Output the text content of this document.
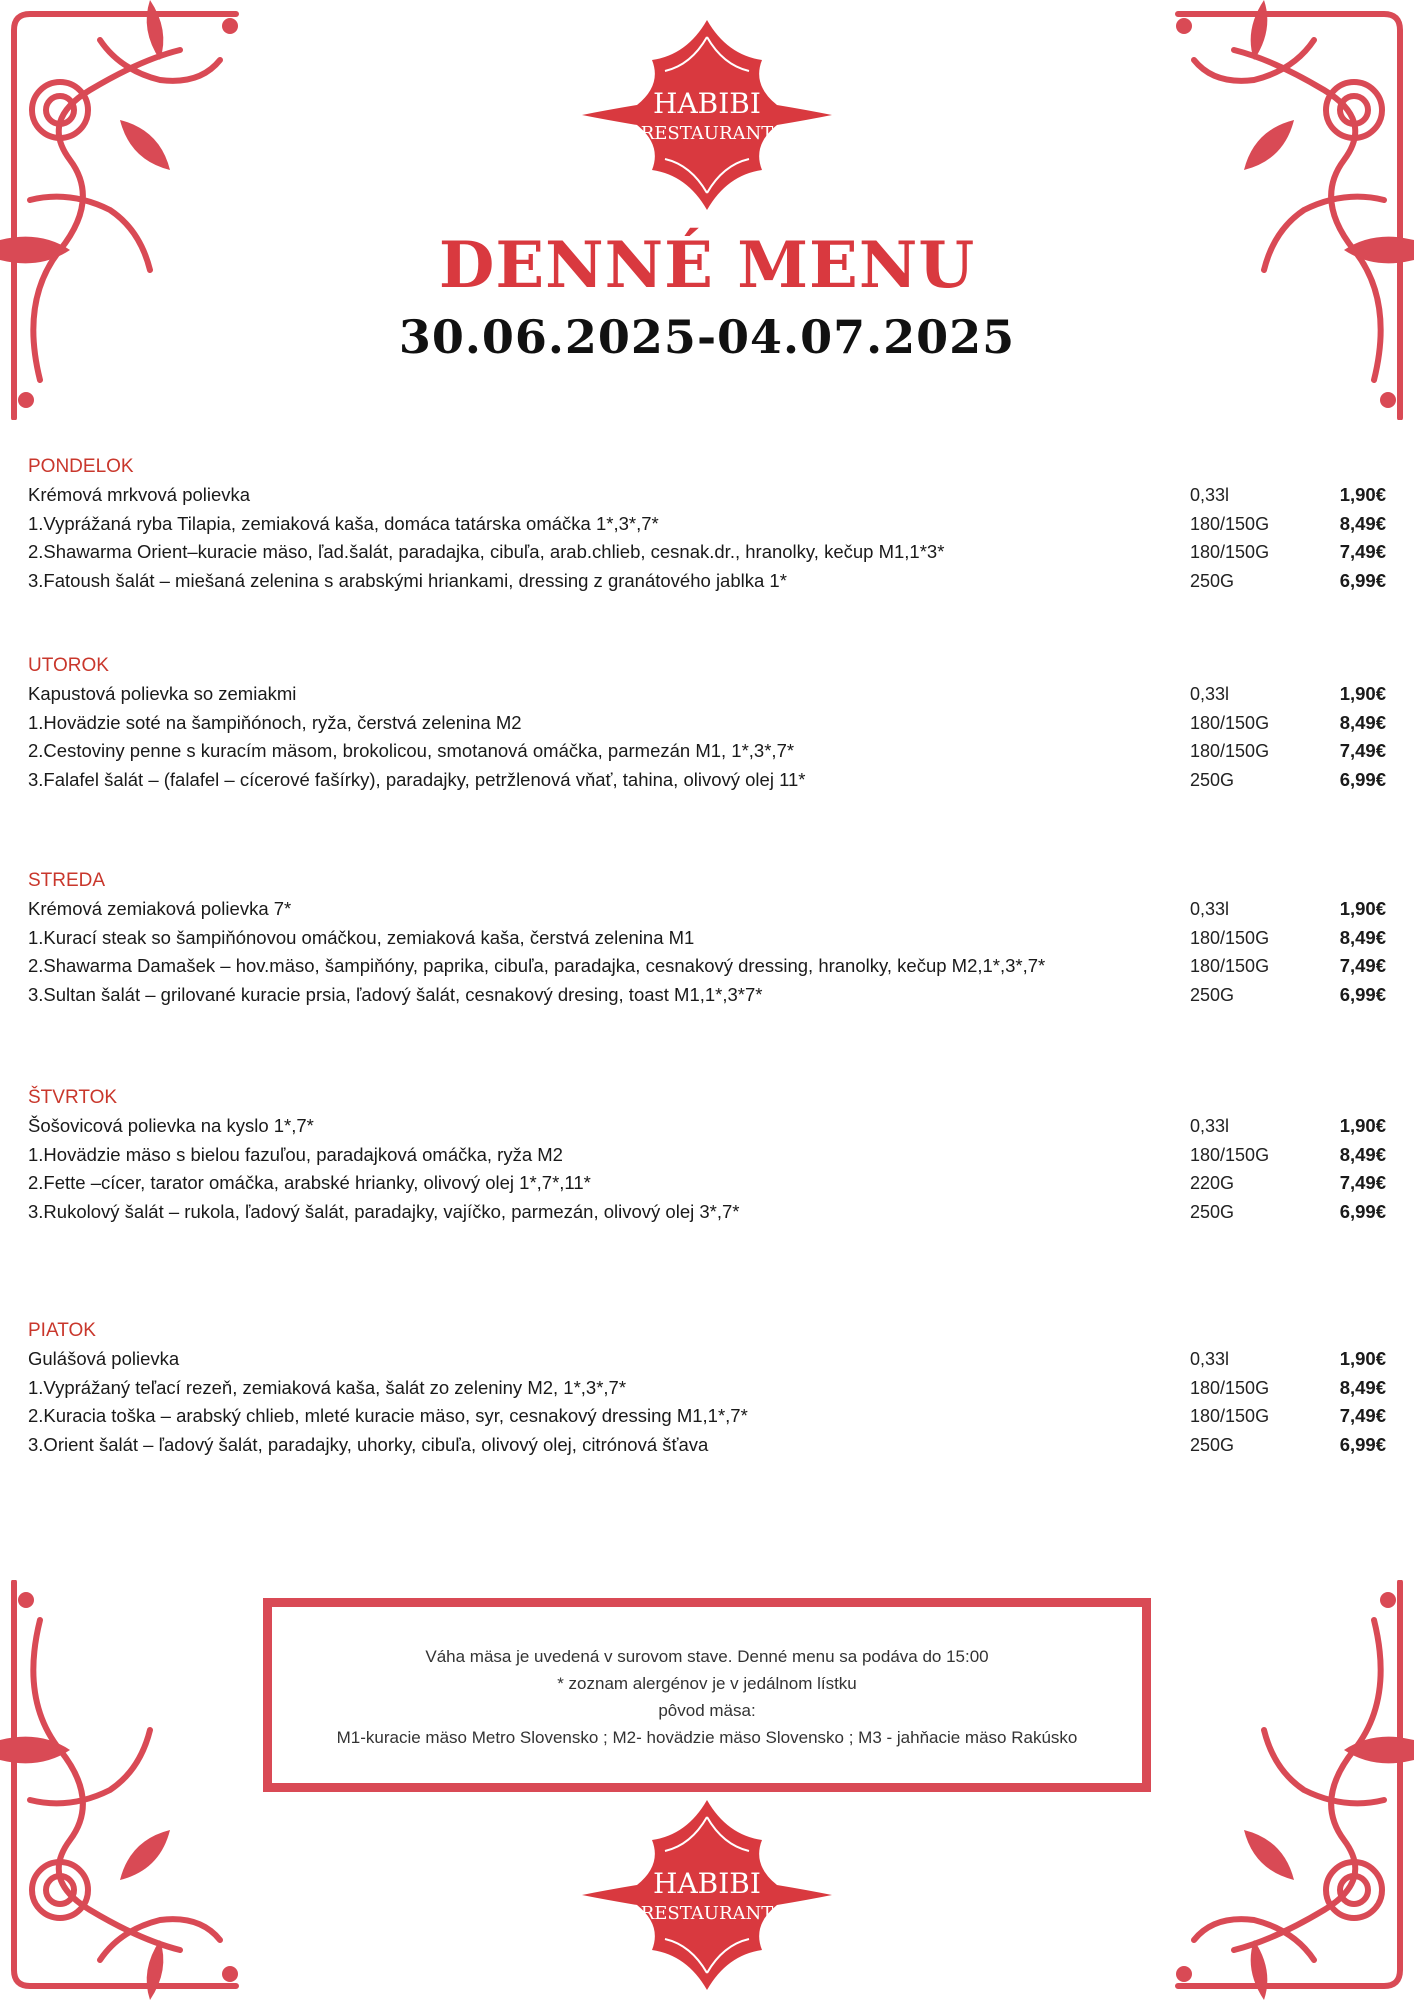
HABIBI
RESTAURANT
DENNÉ MENU
30.06.2025-04.07.2025
PONDELOK
Krémová mrkvová polievka	0,33l	1,90€
1.Vyprážaná ryba Tilapia, zemiaková kaša, domáca tatárska omáčka 1*,3*,7*	180/150G	8,49€
2.Shawarma Orient–kuracie mäso, ľad.šalát, paradajka, cibuľa, arab.chlieb, cesnak.dr., hranolky, kečup M1,1*3*	180/150G	7,49€
3.Fatoush šalát – miešaná zelenina s arabskými hriankami, dressing z granátového jablka 1*	250G	6,99€
UTOROK
Kapustová polievka so zemiakmi	0,33l	1,90€
1.Hovädzie soté na šampiňónoch, ryža, čerstvá zelenina M2	180/150G	8,49€
2.Cestoviny penne s kuracím mäsom, brokolicou, smotanová omáčka, parmezán M1, 1*,3*,7*	180/150G	7,49€
3.Falafel šalát – (falafel – cícerové fašírky), paradajky, petržlenová vňať, tahina, olivový olej 11*	250G	6,99€
STREDA
Krémová zemiaková polievka 7*	0,33l	1,90€
1.Kurací steak so šampiňónovou omáčkou, zemiaková kaša, čerstvá zelenina M1	180/150G	8,49€
2.Shawarma Damašek – hov.mäso, šampiňóny, paprika, cibuľa, paradajka, cesnakový dressing, hranolky, kečup M2,1*,3*,7*	180/150G	7,49€
3.Sultan šalát – grilované kuracie prsia, ľadový šalát, cesnakový dresing, toast M1,1*,3*7*	250G	6,99€
ŠTVRTOK
Šošovicová polievka na kyslo 1*,7*	0,33l	1,90€
1.Hovädzie mäso s bielou fazuľou, paradajková omáčka, ryža M2	180/150G	8,49€
2.Fette –cícer, tarator omáčka, arabské hrianky, olivový olej 1*,7*,11*	220G	7,49€
3.Rukolový šalát – rukola, ľadový šalát, paradajky, vajíčko, parmezán, olivový olej 3*,7*	250G	6,99€
PIATOK
Gulášová polievka	0,33l	1,90€
1.Vyprážaný teľací rezeň, zemiaková kaša, šalát zo zeleniny M2, 1*,3*,7*	180/150G	8,49€
2.Kuracia toška – arabský chlieb, mleté kuracie mäso, syr, cesnakový dressing M1,1*,7*	180/150G	7,49€
3.Orient šalát – ľadový šalát, paradajky, uhorky, cibuľa, olivový olej, citrónová šťava	250G	6,99€
Váha mäsa je uvedená v surovom stave. Denné menu sa podáva do 15:00
* zoznam alergénov je v jedálnom lístku
pôvod mäsa:
M1-kuracie mäso Metro Slovensko ; M2- hovädzie mäso Slovensko ; M3 - jahňacie mäso Rakúsko
HABIBI
RESTAURANT
